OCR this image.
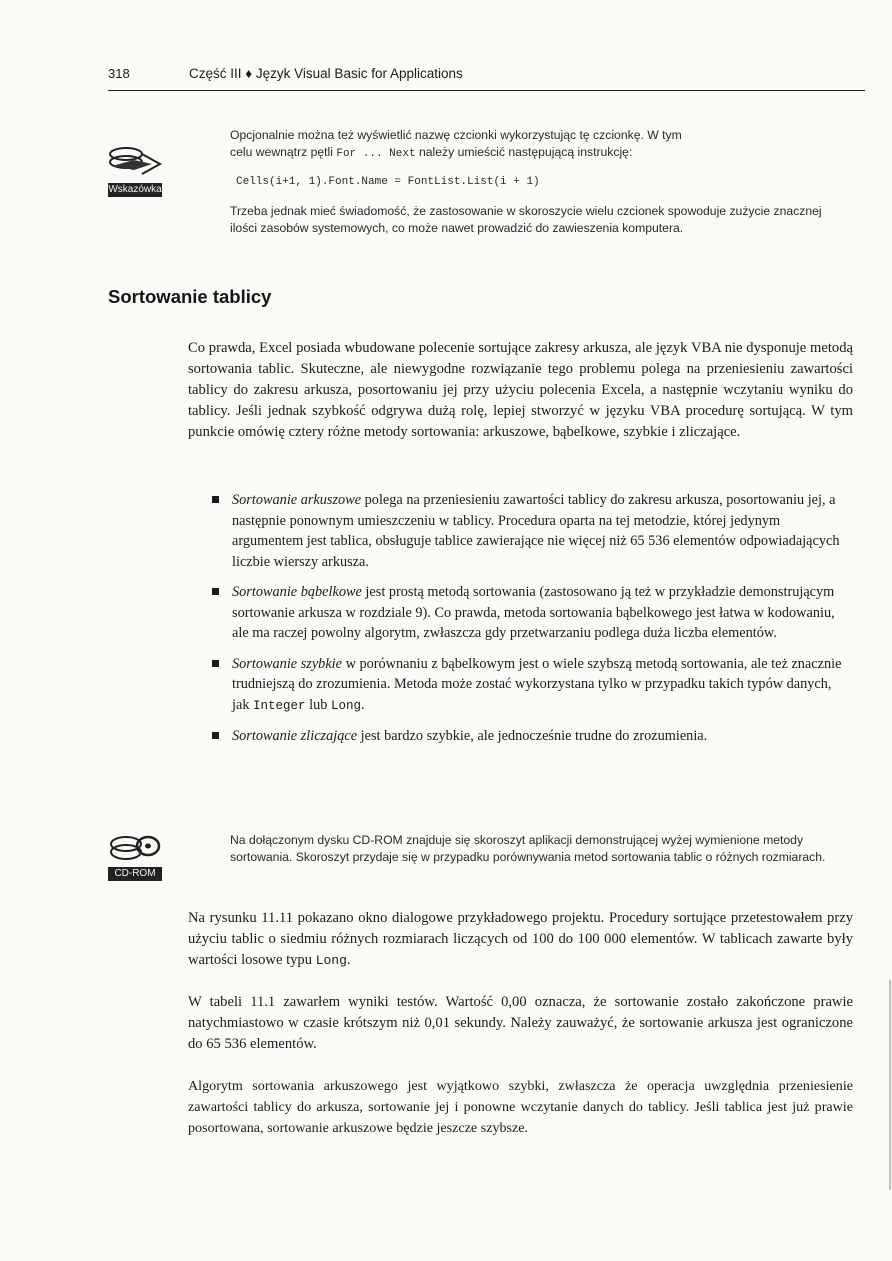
318	Część III ♦ Język Visual Basic for Applications
Wskazówka
Opcjonalnie można też wyświetlić nazwę czcionki wykorzystując tę czcionkę. W tym
celu wewnątrz pętli For ... Next należy umieścić następującą instrukcję:
Cells(i+1, 1).Font.Name = FontList.List(i + 1)
Trzeba jednak mieć świadomość, że zastosowanie w skoroszycie wielu czcionek spowoduje zużycie znacznej ilości zasobów systemowych, co może nawet prowadzić do zawieszenia komputera.
Sortowanie tablicy

Co prawda, Excel posiada wbudowane polecenie sortujące zakresy arkusza, ale język VBA nie dysponuje metodą sortowania tablic. Skuteczne, ale niewygodne rozwiązanie tego problemu polega na przeniesieniu zawartości tablicy do zakresu arkusza, posortowaniu jej przy użyciu polecenia Excela, a następnie wczytaniu wyniku do tablicy. Jeśli jednak szybkość odgrywa dużą rolę, lepiej stworzyć w języku VBA procedurę sortującą. W tym punkcie omówię cztery różne metody sortowania: arkuszowe, bąbelkowe, szybkie i zliczające.

Sortowanie arkuszowe polega na przeniesieniu zawartości tablicy do zakresu arkusza, posortowaniu jej, a następnie ponownym umieszczeniu w tablicy. Procedura oparta na tej metodzie, której jedynym argumentem jest tablica, obsługuje tablice zawierające nie więcej niż 65 536 elementów odpowiadających liczbie wierszy arkusza.
Sortowanie bąbelkowe jest prostą metodą sortowania (zastosowano ją też w przykładzie demonstrującym sortowanie arkusza w rozdziale 9). Co prawda, metoda sortowania bąbelkowego jest łatwa w kodowaniu, ale ma raczej powolny algorytm, zwłaszcza gdy przetwarzaniu podlega duża liczba elementów.
Sortowanie szybkie w porównaniu z bąbelkowym jest o wiele szybszą metodą sortowania, ale też znacznie trudniejszą do zrozumienia. Metoda może zostać wykorzystana tylko w przypadku takich typów danych, jak Integer lub Long.
Sortowanie zliczające jest bardzo szybkie, ale jednocześnie trudne do zrozumienia.
CD-ROM
Na dołączonym dysku CD-ROM znajduje się skoroszyt aplikacji demonstrującej wyżej wymienione metody sortowania. Skoroszyt przydaje się w przypadku porównywania metod sortowania tablic o różnych rozmiarach.

Na rysunku 11.11 pokazano okno dialogowe przykładowego projektu. Procedury sortujące przetestowałem przy użyciu tablic o siedmiu różnych rozmiarach liczących od 100 do 100 000 elementów. W tablicach zawarte były wartości losowe typu Long.

W tabeli 11.1 zawarłem wyniki testów. Wartość 0,00 oznacza, że sortowanie zostało zakończone prawie natychmiastowo w czasie krótszym niż 0,01 sekundy. Należy zauważyć, że sortowanie arkusza jest ograniczone do 65 536 elementów.

Algorytm sortowania arkuszowego jest wyjątkowo szybki, zwłaszcza że operacja uwzględnia przeniesienie zawartości tablicy do arkusza, sortowanie jej i ponowne wczytanie danych do tablicy. Jeśli tablica jest już prawie posortowana, sortowanie arkuszowe będzie jeszcze szybsze.
